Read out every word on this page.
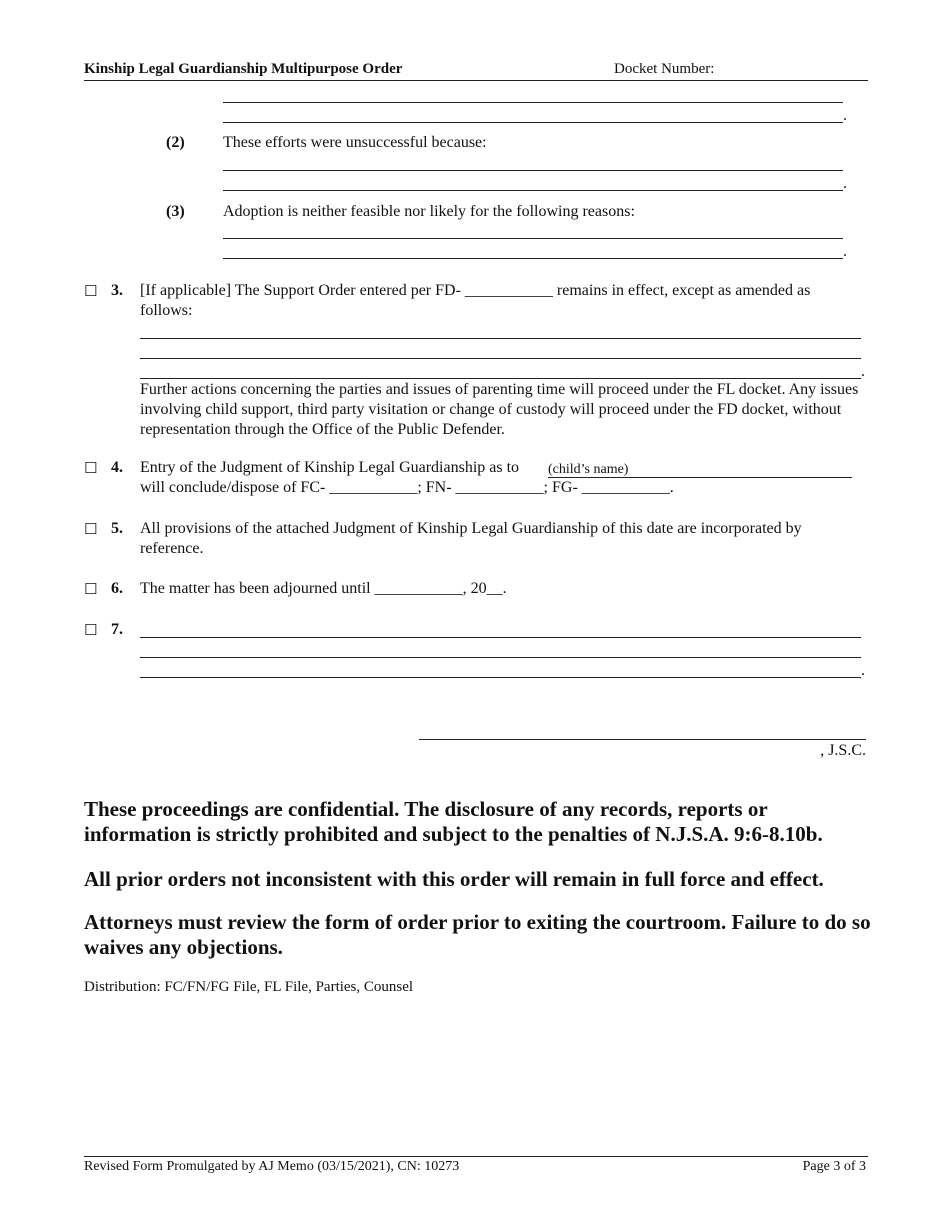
Kinship Legal Guardianship Multipurpose Order	Docket Number:
.
(2) These efforts were unsuccessful because:
.
(3) Adoption is neither feasible nor likely for the following reasons:
.
☐ 3. [If applicable] The Support Order entered per FD- ___________ remains in effect, except as amended as
follows:
.
Further actions concerning the parties and issues of parenting time will proceed under the FL docket. Any issues involving child support, third party visitation or change of custody will proceed under the FD docket, without representation through the Office of the Public Defender.
☐ 4. Entry of the Judgment of Kinship Legal Guardianship as to (child’s name)
will conclude/dispose of FC- ___________; FN- ___________; FG- ___________.
☐ 5. All provisions of the attached Judgment of Kinship Legal Guardianship of this date are incorporated by reference.
☐ 6. The matter has been adjourned until ___________, 20__.
☐ 7.
.
, J.S.C.
These proceedings are confidential. The disclosure of any records, reports or information is strictly prohibited and subject to the penalties of N.J.S.A. 9:6-8.10b.
All prior orders not inconsistent with this order will remain in full force and effect.
Attorneys must review the form of order prior to exiting the courtroom. Failure to do so waives any objections.
Distribution: FC/FN/FG File, FL File, Parties, Counsel
Revised Form Promulgated by AJ Memo (03/15/2021), CN: 10273	Page 3 of 3
